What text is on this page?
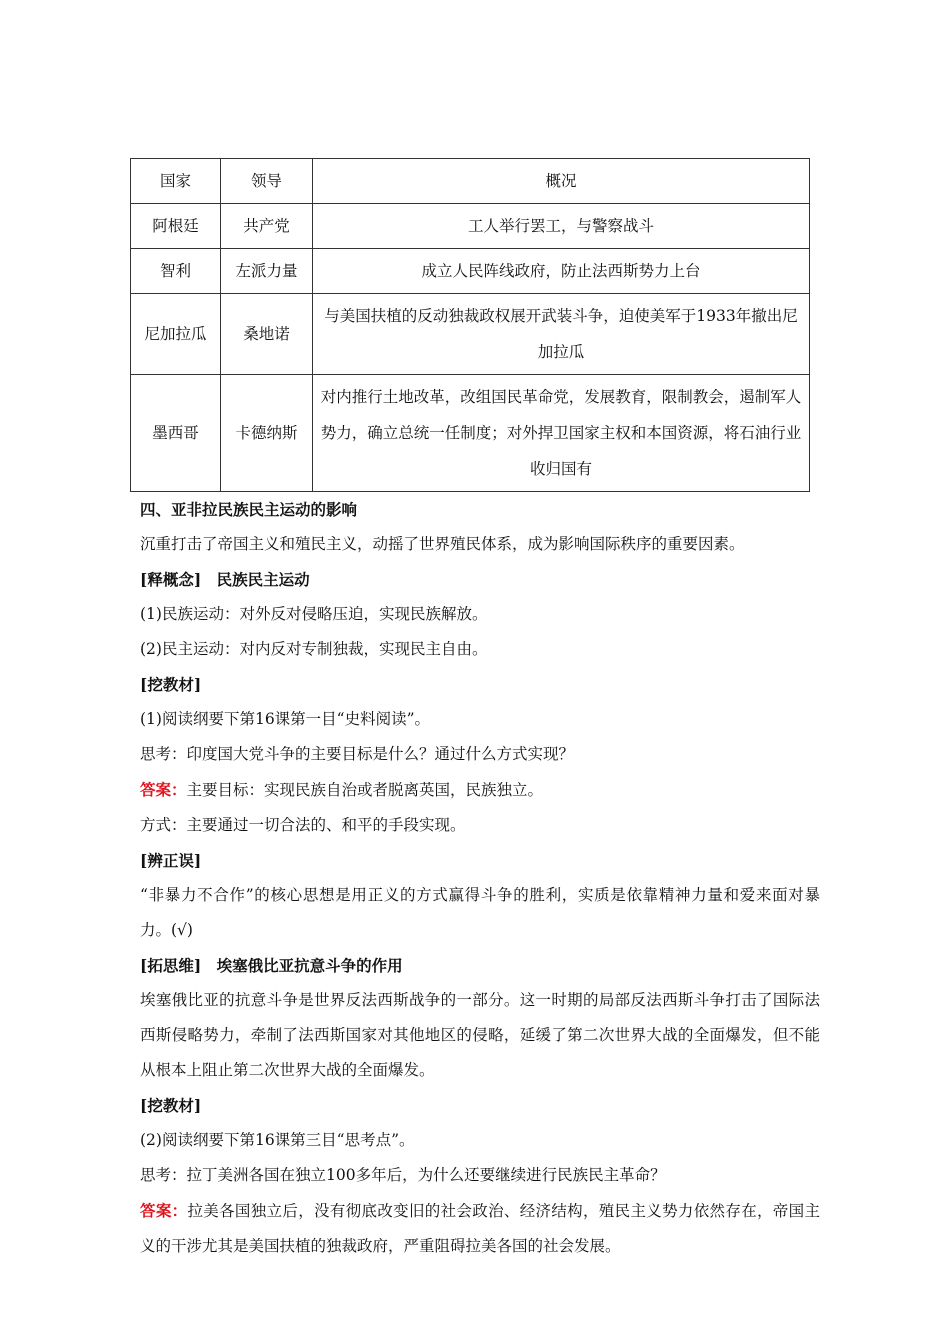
国家	领导	概况
阿根廷	共产党	工人举行罢工，与警察战斗
智利	左派力量	成立人民阵线政府，防止法西斯势力上台
尼加拉瓜	桑地诺	与美国扶植的反动独裁政权展开武装斗争，迫使美军于1933年撤出尼加拉瓜
墨西哥	卡德纳斯	对内推行土地改革，改组国民革命党，发展教育，限制教会，遏制军人势力，确立总统一任制度；对外捍卫国家主权和本国资源，将石油行业收归国有

四、亚非拉民族民主运动的影响

沉重打击了帝国主义和殖民主义，动摇了世界殖民体系，成为影响国际秩序的重要因素。

[释概念]　民族民主运动

(1)民族运动：对外反对侵略压迫，实现民族解放。

(2)民主运动：对内反对专制独裁，实现民主自由。

[挖教材]

(1)阅读纲要下第16课第一目“史料阅读”。

思考：印度国大党斗争的主要目标是什么？通过什么方式实现？

答案：主要目标：实现民族自治或者脱离英国，民族独立。

方式：主要通过一切合法的、和平的手段实现。

[辨正误]

“非暴力不合作”的核心思想是用正义的方式赢得斗争的胜利，实质是依靠精神力量和爱来面对暴力。(√)

[拓思维]　埃塞俄比亚抗意斗争的作用

埃塞俄比亚的抗意斗争是世界反法西斯战争的一部分。这一时期的局部反法西斯斗争打击了国际法西斯侵略势力，牵制了法西斯国家对其他地区的侵略，延缓了第二次世界大战的全面爆发，但不能从根本上阻止第二次世界大战的全面爆发。

[挖教材]

(2)阅读纲要下第16课第三目“思考点”。

思考：拉丁美洲各国在独立100多年后，为什么还要继续进行民族民主革命？

答案：拉美各国独立后，没有彻底改变旧的社会政治、经济结构，殖民主义势力依然存在，帝国主义的干涉尤其是美国扶植的独裁政府，严重阻碍拉美各国的社会发展。
